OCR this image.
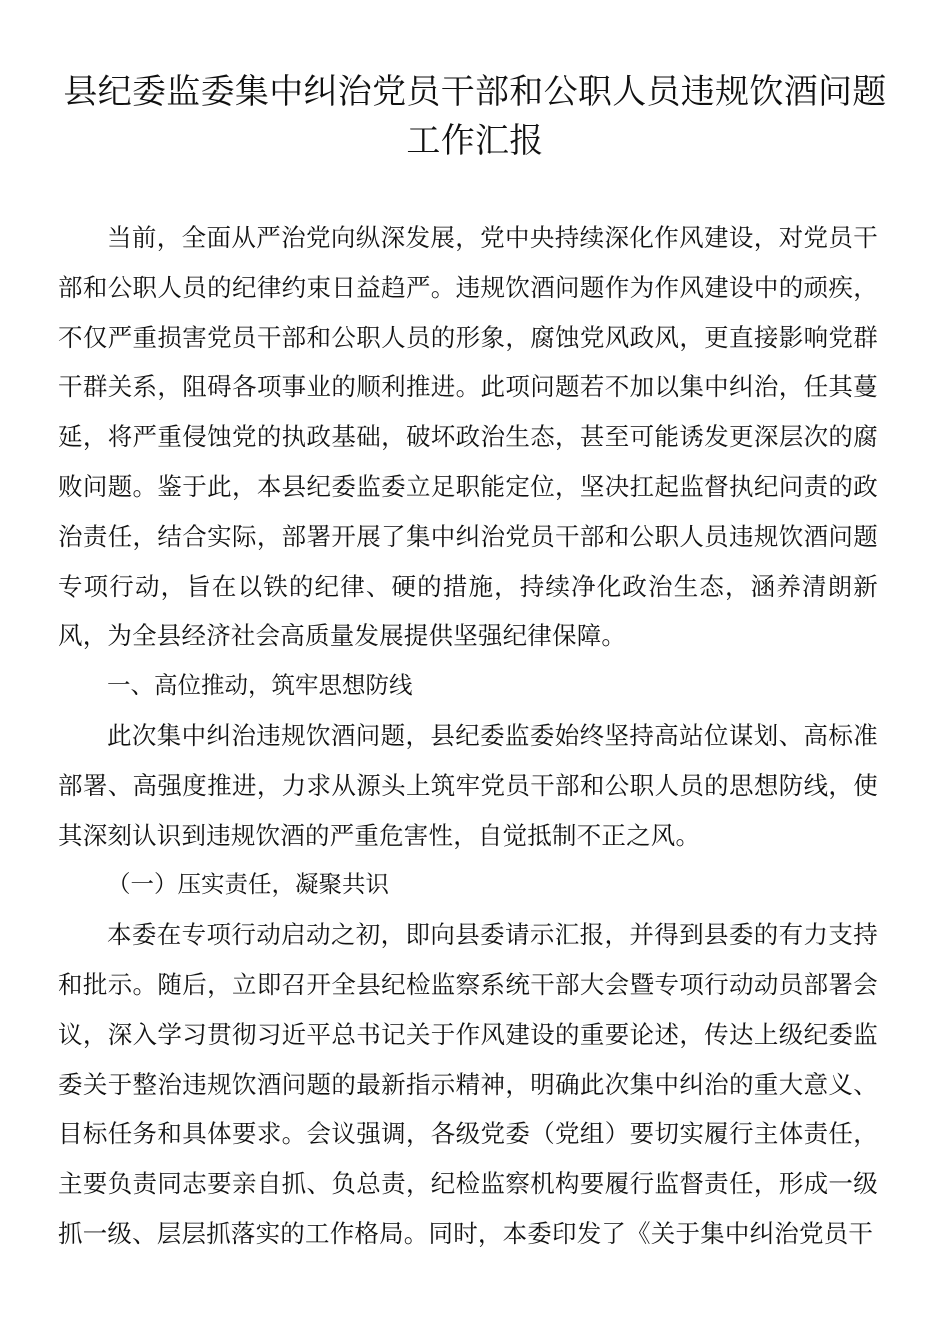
县纪委监委集中纠治党员干部和公职人员违规饮酒问题工作汇报

当前，全面从严治党向纵深发展，党中央持续深化作风建设，对党员干部和公职人员的纪律约束日益趋严。违规饮酒问题作为作风建设中的顽疾，不仅严重损害党员干部和公职人员的形象，腐蚀党风政风，更直接影响党群干群关系，阻碍各项事业的顺利推进。此项问题若不加以集中纠治，任其蔓延，将严重侵蚀党的执政基础，破坏政治生态，甚至可能诱发更深层次的腐败问题。鉴于此，本县纪委监委立足职能定位，坚决扛起监督执纪问责的政治责任，结合实际，部署开展了集中纠治党员干部和公职人员违规饮酒问题专项行动，旨在以铁的纪律、硬的措施，持续净化政治生态，涵养清朗新风，为全县经济社会高质量发展提供坚强纪律保障。

一、高位推动，筑牢思想防线

此次集中纠治违规饮酒问题，县纪委监委始终坚持高站位谋划、高标准部署、高强度推进，力求从源头上筑牢党员干部和公职人员的思想防线，使其深刻认识到违规饮酒的严重危害性，自觉抵制不正之风。

（一）压实责任，凝聚共识

本委在专项行动启动之初，即向县委请示汇报，并得到县委的有力支持和批示。随后，立即召开全县纪检监察系统干部大会暨专项行动动员部署会议，深入学习贯彻习近平总书记关于作风建设的重要论述，传达上级纪委监委关于整治违规饮酒问题的最新指示精神，明确此次集中纠治的重大意义、目标任务和具体要求。会议强调，各级党委（党组）要切实履行主体责任，主要负责同志要亲自抓、负总责，纪检监察机构要履行监督责任，形成一级抓一级、层层抓落实的工作格局。同时，本委印发了《关于集中纠治党员干
